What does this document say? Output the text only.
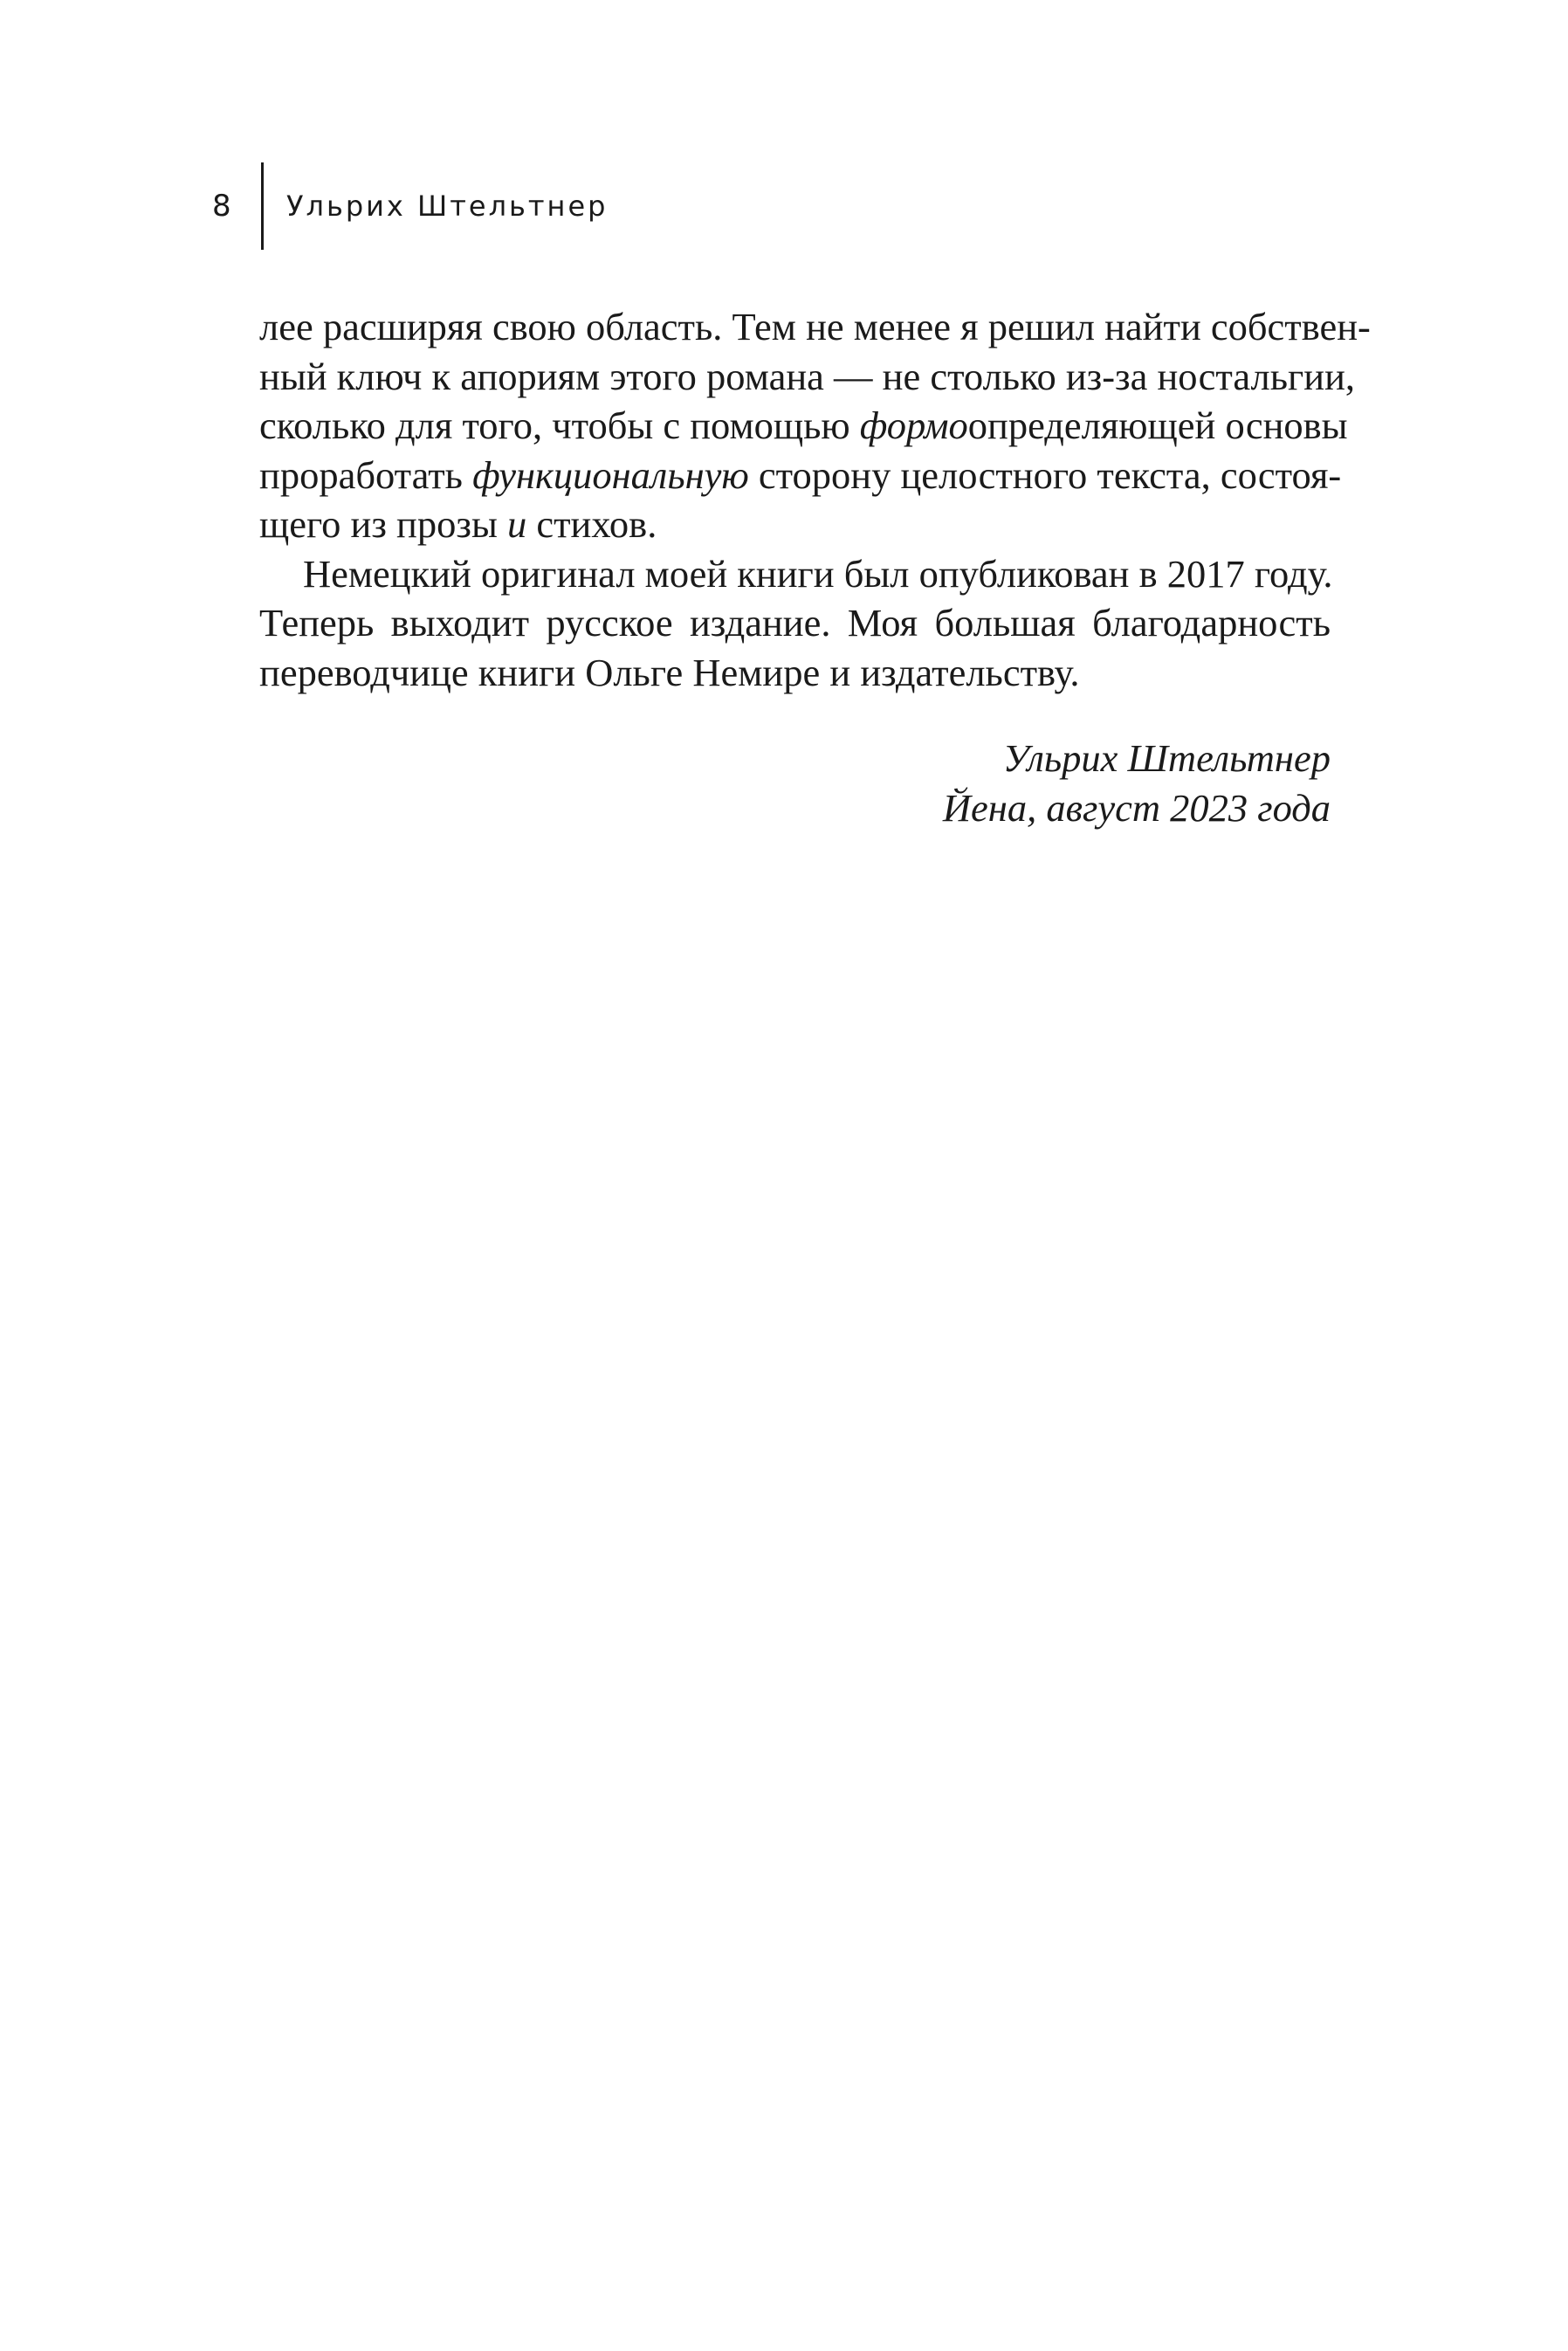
8	Ульрих Штельтнер
лее расширяя свою область. Тем не менее я решил найти собствен-
ный ключ к апориям этого романа — не столько из-за ностальгии,
сколько для того, чтобы с помощью формоопределяющей основы
проработать функциональную сторону целостного текста, состоя-
щего из прозы и стихов.
Немецкий оригинал моей книги был опубликован в 2017 году.
Теперь выходит русское издание. Моя большая благодарность
переводчице книги Ольге Немире и издательству.
Ульрих Штельтнер
Йена, август 2023 года
